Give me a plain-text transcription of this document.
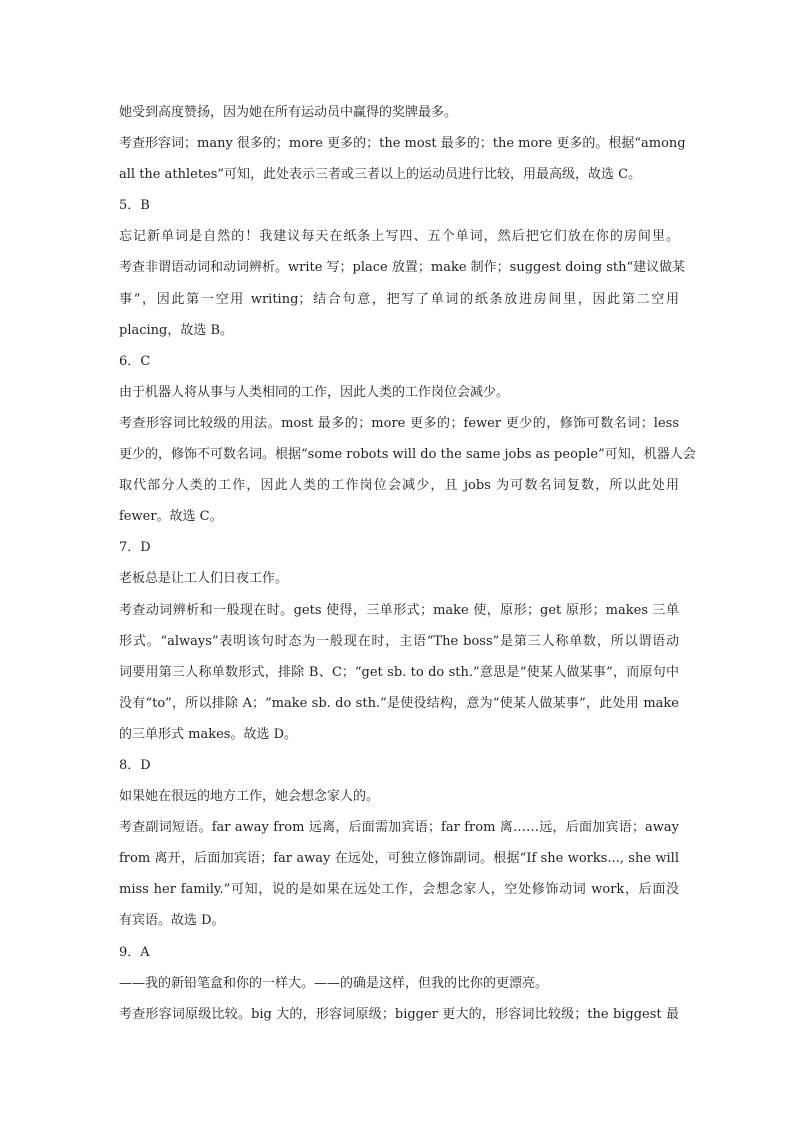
她受到高度赞扬，因为她在所有运动员中赢得的奖牌最多。
考查形容词；many 很多的；more 更多的；the most 最多的；the more 更多的。根据“among
all the athletes”可知，此处表示三者或三者以上的运动员进行比较，用最高级，故选 C。
5．B
忘记新单词是自然的！我建议每天在纸条上写四、五个单词，然后把它们放在你的房间里。
考查非谓语动词和动词辨析。write 写；place 放置；make 制作；suggest doing sth“建议做某
事”，因此第一空用 writing；结合句意，把写了单词的纸条放进房间里，因此第二空用
placing，故选 B。
6．C
由于机器人将从事与人类相同的工作，因此人类的工作岗位会减少。
考查形容词比较级的用法。most 最多的；more 更多的；fewer 更少的，修饰可数名词；less
更少的，修饰不可数名词。根据“some robots will do the same jobs as people”可知，机器人会
取代部分人类的工作，因此人类的工作岗位会减少，且 jobs 为可数名词复数，所以此处用
fewer。故选 C。
7．D
老板总是让工人们日夜工作。
考查动词辨析和一般现在时。gets 使得，三单形式；make 使，原形；get 原形；makes 三单
形式。“always”表明该句时态为一般现在时，主语“The boss”是第三人称单数，所以谓语动
词要用第三人称单数形式，排除 B、C；“get sb. to do sth.”意思是“使某人做某事”，而原句中
没有“to”，所以排除 A；“make sb. do sth.”是使役结构，意为“使某人做某事”，此处用 make
的三单形式 makes。故选 D。
8．D
如果她在很远的地方工作，她会想念家人的。
考查副词短语。far away from 远离，后面需加宾语；far from 离……远，后面加宾语；away
from 离开，后面加宾语；far away 在远处，可独立修饰副词。根据“If she works..., she will
miss her family.”可知，说的是如果在远处工作，会想念家人，空处修饰动词 work，后面没
有宾语。故选 D。
9．A
——我的新铅笔盒和你的一样大。——的确是这样，但我的比你的更漂亮。
考查形容词原级比较。big 大的，形容词原级；bigger 更大的，形容词比较级；the biggest 最
